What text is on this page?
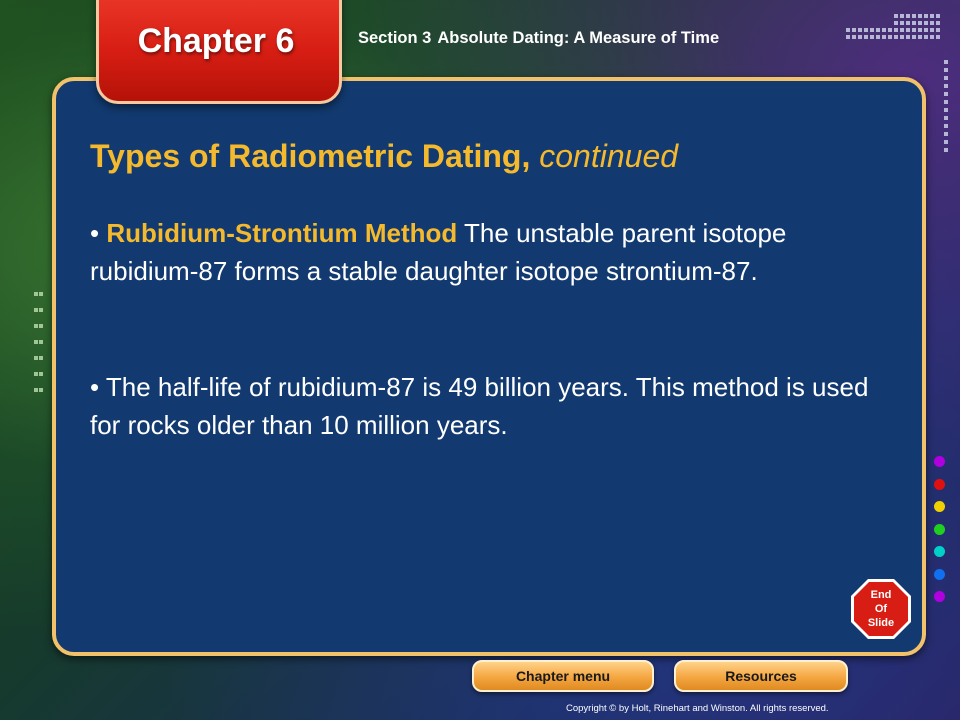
Chapter 6	Section 3 Absolute Dating: A Measure of Time
Types of Radiometric Dating, continued
• Rubidium-Strontium Method The unstable parent isotope rubidium-87 forms a stable daughter isotope strontium-87.
• The half-life of rubidium-87 is 49 billion years. This method is used for rocks older than 10 million years.
End
Of
Slide
Chapter menu	Resources
Copyright © by Holt, Rinehart and Winston. All rights reserved.
